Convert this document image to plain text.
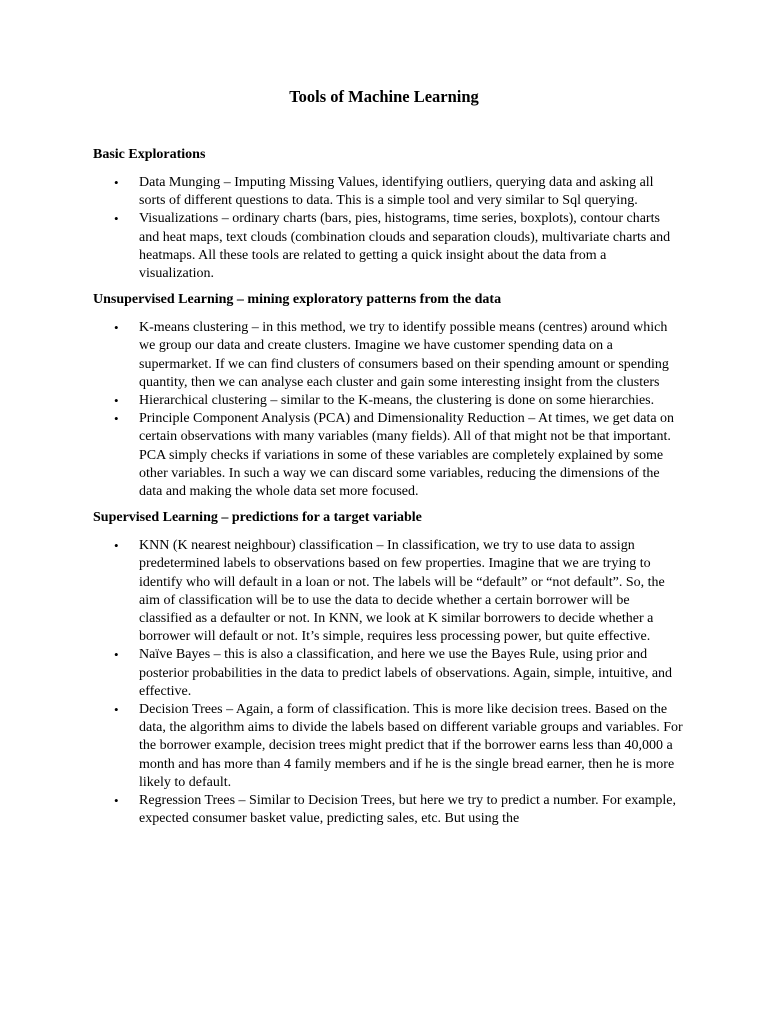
Tools of Machine Learning

Basic Explorations

•	Data Munging – Imputing Missing Values, identifying outliers, querying data and asking all sorts of different questions to data. This is a simple tool and very similar to Sql querying.
•	Visualizations – ordinary charts (bars, pies, histograms, time series, boxplots), contour charts and heat maps, text clouds (combination clouds and separation clouds), multivariate charts and heatmaps. All these tools are related to getting a quick insight about the data from a visualization.

Unsupervised Learning – mining exploratory patterns from the data

•	K-means clustering – in this method, we try to identify possible means (centres) around which we group our data and create clusters. Imagine we have customer spending data on a supermarket. If we can find clusters of consumers based on their spending amount or spending quantity, then we can analyse each cluster and gain some interesting insight from the clusters
•	Hierarchical clustering – similar to the K-means, the clustering is done on some hierarchies.
•	Principle Component Analysis (PCA) and Dimensionality Reduction – At times, we get data on certain observations with many variables (many fields). All of that might not be that important. PCA simply checks if variations in some of these variables are completely explained by some other variables. In such a way we can discard some variables, reducing the dimensions of the data and making the whole data set more focused.

Supervised Learning – predictions for a target variable

•	KNN (K nearest neighbour) classification – In classification, we try to use data to assign predetermined labels to observations based on few properties. Imagine that we are trying to identify who will default in a loan or not. The labels will be “default” or “not default”. So, the aim of classification will be to use the data to decide whether a certain borrower will be classified as a defaulter or not. In KNN, we look at K similar borrowers to decide whether a borrower will default or not. It’s simple, requires less processing power, but quite effective.
•	Naïve Bayes – this is also a classification, and here we use the Bayes Rule, using prior and posterior probabilities in the data to predict labels of observations. Again, simple, intuitive, and effective.
•	Decision Trees – Again, a form of classification. This is more like decision trees. Based on the data, the algorithm aims to divide the labels based on different variable groups and variables. For the borrower example, decision trees might predict that if the borrower earns less than 40,000 a month and has more than 4 family members and if he is the single bread earner, then he is more likely to default.
•	Regression Trees – Similar to Decision Trees, but here we try to predict a number. For example, expected consumer basket value, predicting sales, etc. But using the
